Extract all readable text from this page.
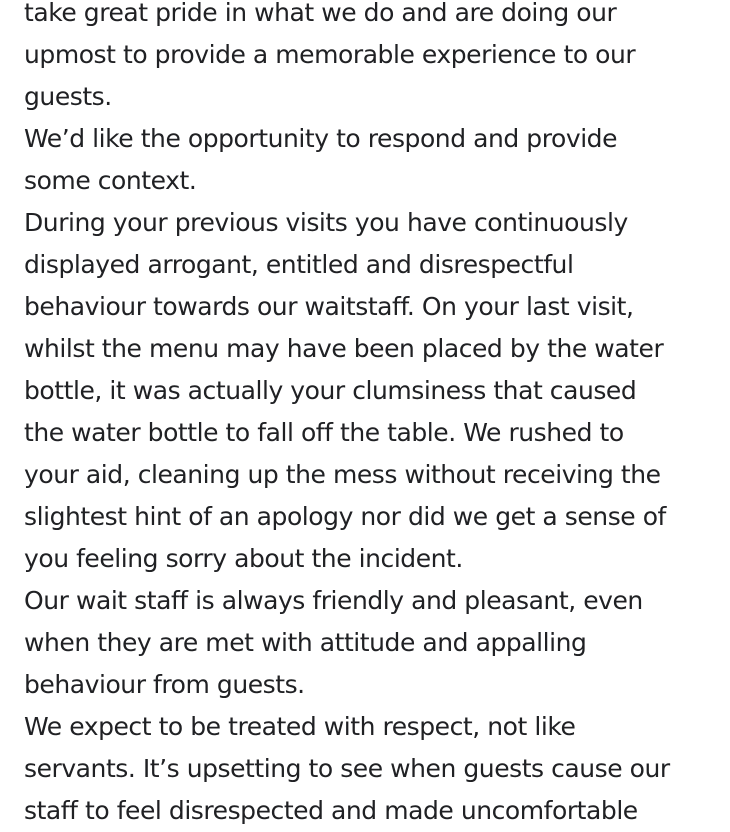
take great pride in what we do and are doing our
upmost to provide a memorable experience to our
guests.

We’d like the opportunity to respond and provide
some context.

During your previous visits you have continuously
displayed arrogant, entitled and disrespectful
behaviour towards our waitstaff. On your last visit,
whilst the menu may have been placed by the water
bottle, it was actually your clumsiness that caused
the water bottle to fall off the table. We rushed to
your aid, cleaning up the mess without receiving the
slightest hint of an apology nor did we get a sense of
you feeling sorry about the incident.

Our wait staff is always friendly and pleasant, even
when they are met with attitude and appalling
behaviour from guests.

We expect to be treated with respect, not like
servants. It’s upsetting to see when guests cause our
staff to feel disrespected and made uncomfortable
